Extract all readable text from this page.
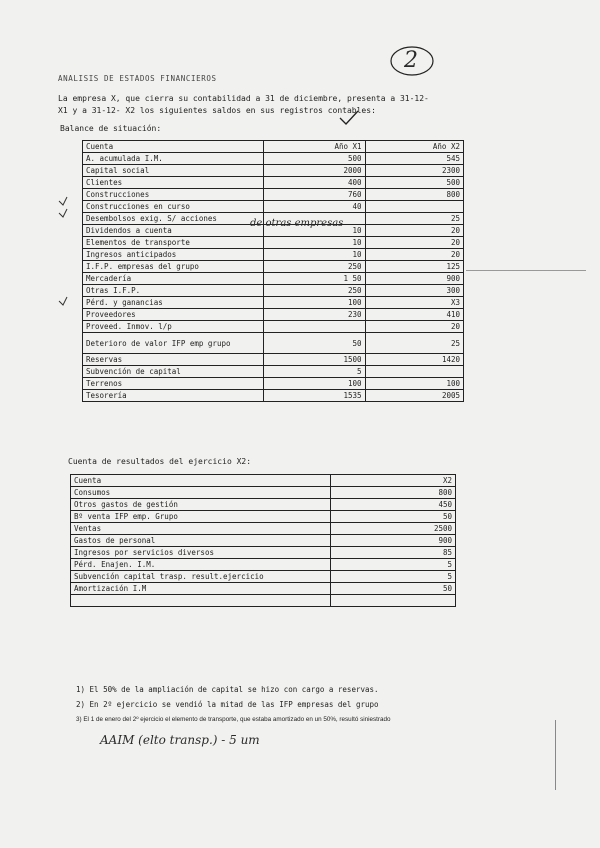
2
ANALISIS DE ESTADOS FINANCIEROS
La empresa X, que cierra su contabilidad a 31 de diciembre, presenta a 31-12-
X1 y a 31-12- X2 los siguientes saldos en sus registros contables:
Balance de situación:
Cuenta	Año X1	Año X2
A. acumulada I.M.	500	545
Capital social	2000	2300
Clientes	400	500
Construcciones	760	800
Construcciones en curso	40	
Desembolsos exig. S/ acciones		25
Dividendos a cuenta	10	20
Elementos de transporte	10	20
Ingresos anticipados	10	20
I.F.P. empresas del grupo	250	125
Mercadería	1 50	900
Otras I.F.P.	250	300
Pérd. y ganancias	100	X3
Proveedores	230	410
Proveed. Inmov. l/p		20
Deterioro de valor IFP emp grupo	50	25
Reservas	1500	1420
Subvención de capital	5	
Terrenos	100	100
Tesorería	1535	2005
de otras empresas
Cuenta de resultados del ejercicio X2:
Cuenta	X2
Consumos	800
Otros gastos de gestión	450
Bº venta IFP emp. Grupo	50
Ventas	2500
Gastos de personal	900
Ingresos por servicios diversos	85
Pérd. Enajen. I.M.	5
Subvención capital trasp. result.ejercicio	5
Amortización I.M	50

1) El 50% de la ampliación de capital se hizo con cargo a reservas.
2) En 2º ejercicio se vendió la mitad de las IFP empresas del grupo
3) El 1 de enero del 2º ejercicio el elemento de transporte, que estaba amortizado en un 50%, resultó siniestrado
AAIM (elto transp.) - 5 um
